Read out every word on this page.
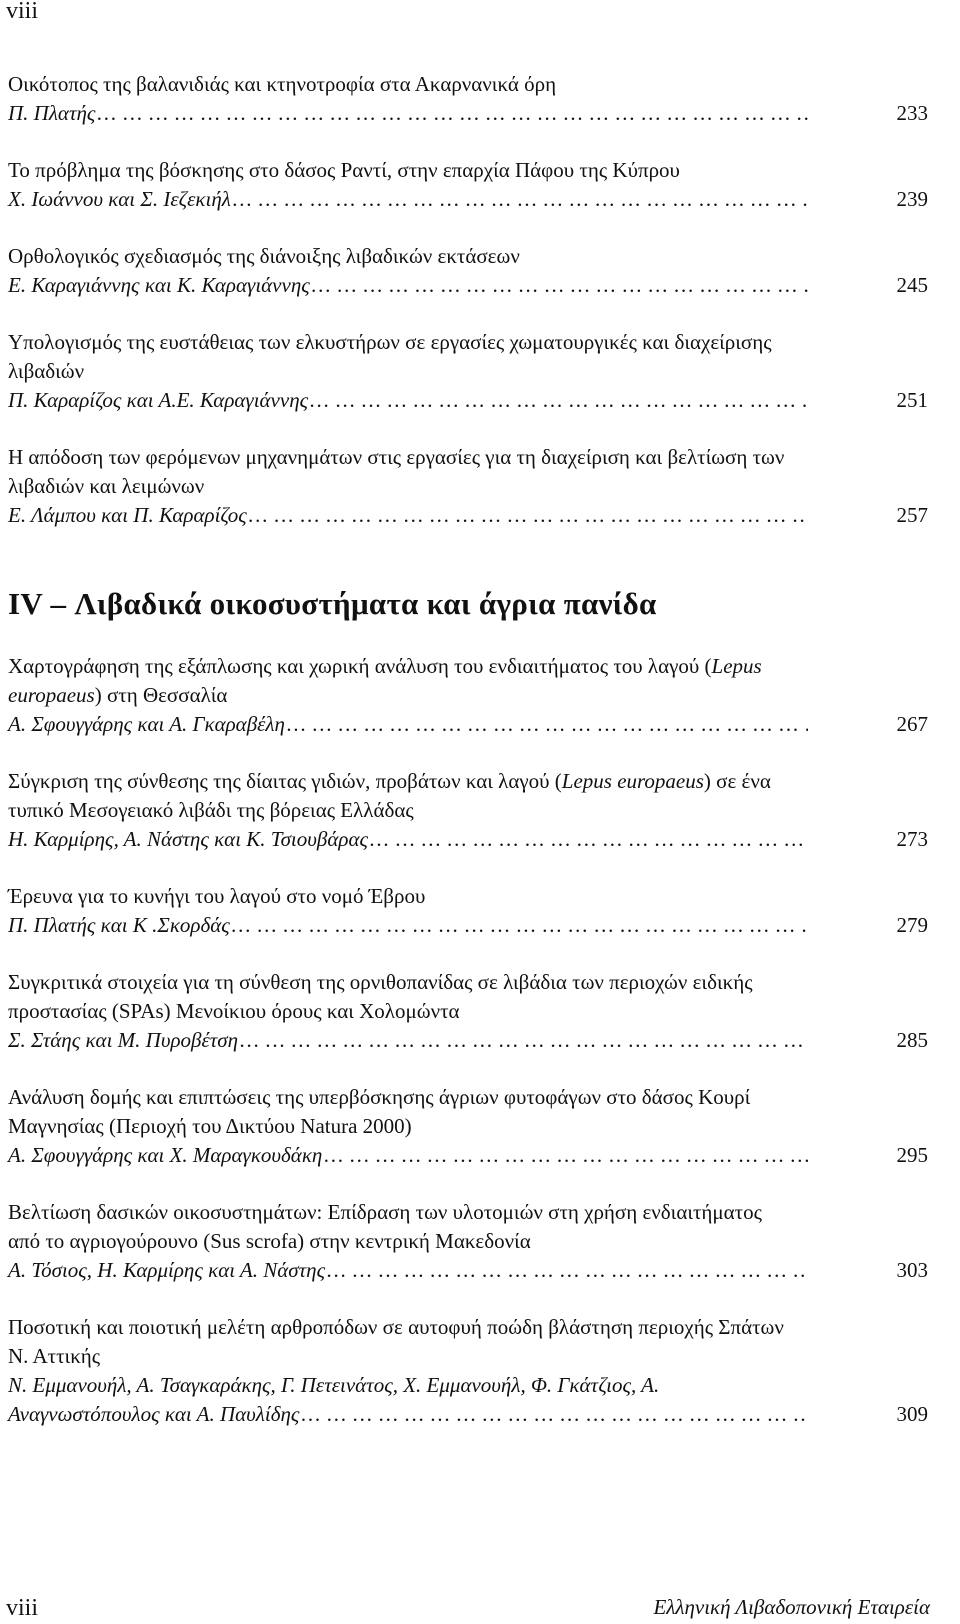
viii
Οικότοπος της βαλανιδιάς και κτηνοτροφία στα Ακαρνανικά όρη
Π. Πλατής
… … … … … … … … … … … … … … … … … … … … … … … … … … … … … … … … … … … … … … … … … … … … … … … …
Το πρόβλημα της βόσκησης στο δάσος Ραντί, στην επαρχία Πάφου της Κύπρου
Χ. Ιωάννου και Σ. Ιεζεκιήλ
… … … … … … … … … … … … … … … … … … … … … … … … … … … … … … … … … … … … … … … … … … … … … … … …
Ορθολογικός σχεδιασμός της διάνοιξης λιβαδικών εκτάσεων
Ε. Καραγιάννης και Κ. Καραγιάννης
… … … … … … … … … … … … … … … … … … … … … … … … … … … … … … … … … … … … … … … … … … … … … … … …
Υπολογισμός της ευστάθειας των ελκυστήρων σε εργασίες χωματουργικές και διαχείρισης λιβαδιών
Π. Καραρίζος και Α.Ε. Καραγιάννης
… … … … … … … … … … … … … … … … … … … … … … … … … … … … … … … … … … … … … … … … … … … … … … … …
Η απόδοση των φερόμενων μηχανημάτων στις εργασίες για τη διαχείριση και βελτίωση των λιβαδιών και λειμώνων
Ε. Λάμπου και Π. Καραρίζος
… … … … … … … … … … … … … … … … … … … … … … … … … … … … … … … … … … … … … … … … … … … … … … … …
IV – Λιβαδικά οικοσυστήματα και άγρια πανίδα
Χαρτογράφηση της εξάπλωσης και χωρική ανάλυση του ενδιαιτήματος του λαγού (Lepus europaeus) στη Θεσσαλία
Α. Σφουγγάρης και Α. Γκαραβέλη
… … … … … … … … … … … … … … … … … … … … … … … … … … … … … … … … … … … … … … … … … … … … … … … …
Σύγκριση της σύνθεσης της δίαιτας γιδιών, προβάτων και λαγού (Lepus europaeus) σε ένα τυπικό Μεσογειακό λιβάδι της βόρειας Ελλάδας
Η. Καρμίρης, Α. Νάστης και Κ. Τσιουβάρας
… … … … … … … … … … … … … … … … … … … … … … … … … … … … … … … … … … … … … … … … … … … … … … … …
Έρευνα για το κυνήγι του λαγού στο νομό Έβρου
Π. Πλατής και Κ .Σκορδάς
… … … … … … … … … … … … … … … … … … … … … … … … … … … … … … … … … … … … … … … … … … … … … … … …
Συγκριτικά στοιχεία για τη σύνθεση της ορνιθοπανίδας σε λιβάδια των περιοχών ειδικής προστασίας (SPAs) Μενοίκιου όρους και Χολομώντα
Σ. Στάης και Μ. Πυροβέτση
… … … … … … … … … … … … … … … … … … … … … … … … … … … … … … … … … … … … … … … … … … … … … … … …
Ανάλυση δομής και επιπτώσεις της υπερβόσκησης άγριων φυτοφάγων στο δάσος Κουρί Μαγνησίας (Περιοχή του Δικτύου Natura 2000)
Α. Σφουγγάρης και Χ. Μαραγκουδάκη
… … … … … … … … … … … … … … … … … … … … … … … … … … … … … … … … … … … … … … … … … … … … … … … …
Βελτίωση δασικών οικοσυστημάτων: Επίδραση των υλοτομιών στη χρήση ενδιαιτήματος από το αγριογούρουνο (Sus scrofa) στην κεντρική Μακεδονία
Α. Τόσιος, Η. Καρμίρης και Α. Νάστης
… … … … … … … … … … … … … … … … … … … … … … … … … … … … … … … … … … … … … … … … … … … … … … … …
Ποσοτική και ποιοτική μελέτη αρθροπόδων σε αυτοφυή ποώδη βλάστηση περιοχής Σπάτων Ν. Αττικής
Ν. Εμμανουήλ, Α. Τσαγκαράκης, Γ. Πετεινάτος, Χ. Εμμανουήλ, Φ. Γκάτζιος, Α.
Αναγνωστόπουλος και Α. Παυλίδης
… … … … … … … … … … … … … … … … … … … … … … … … … … … … … … … … … … … … … … … … … … … … … … … …
viii	Ελληνική Λιβαδοπονική Εταιρεία
233
239
245
251
257
267
273
279
285
295
303
309
